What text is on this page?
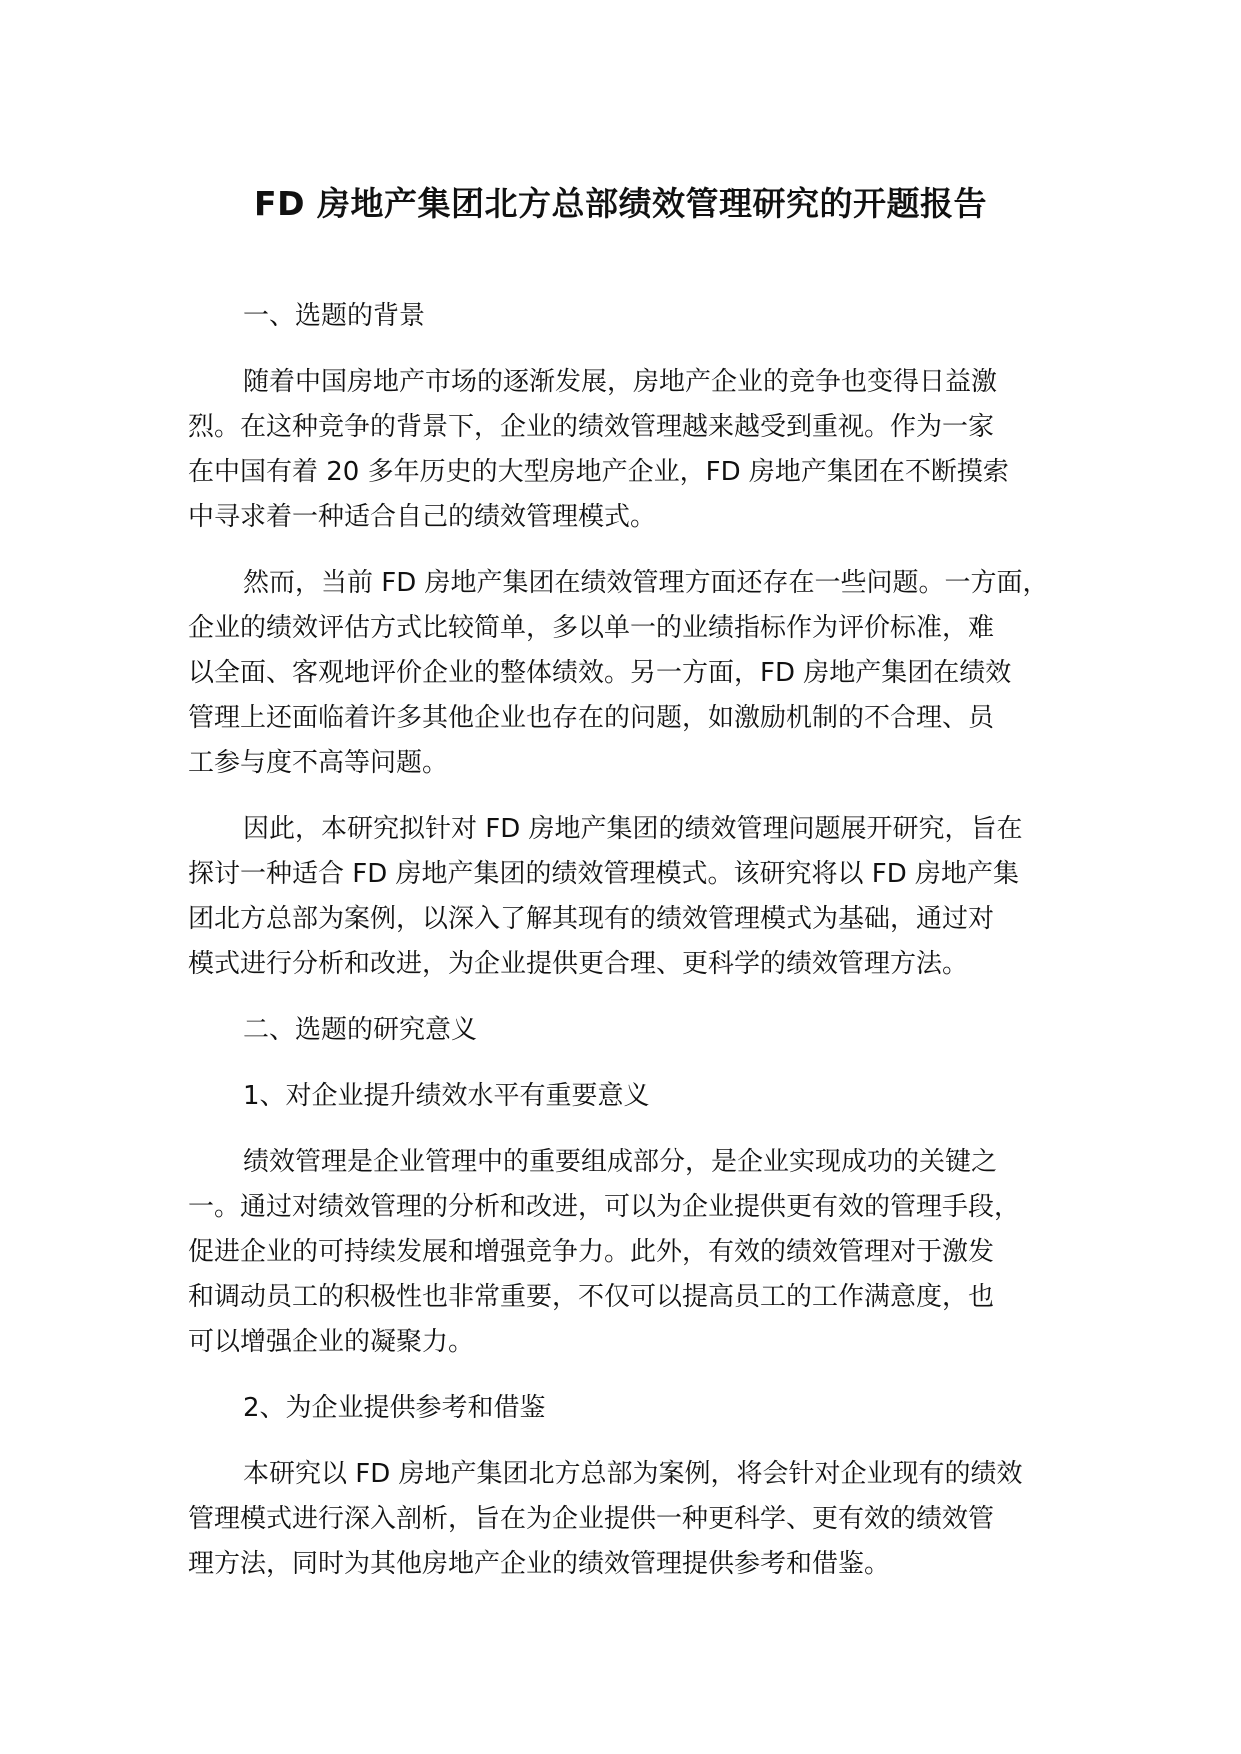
FD 房地产集团北方总部绩效管理研究的开题报告
一、选题的背景
随着中国房地产市场的逐渐发展，房地产企业的竞争也变得日益激
烈。在这种竞争的背景下，企业的绩效管理越来越受到重视。作为一家
在中国有着 20 多年历史的大型房地产企业，FD 房地产集团在不断摸索
中寻求着一种适合自己的绩效管理模式。
然而，当前 FD 房地产集团在绩效管理方面还存在一些问题。一方面，
企业的绩效评估方式比较简单，多以单一的业绩指标作为评价标准，难
以全面、客观地评价企业的整体绩效。另一方面，FD 房地产集团在绩效
管理上还面临着许多其他企业也存在的问题，如激励机制的不合理、员
工参与度不高等问题。
因此，本研究拟针对 FD 房地产集团的绩效管理问题展开研究，旨在
探讨一种适合 FD 房地产集团的绩效管理模式。该研究将以 FD 房地产集
团北方总部为案例，以深入了解其现有的绩效管理模式为基础，通过对
模式进行分析和改进，为企业提供更合理、更科学的绩效管理方法。
二、选题的研究意义
1、对企业提升绩效水平有重要意义
绩效管理是企业管理中的重要组成部分，是企业实现成功的关键之
一。通过对绩效管理的分析和改进，可以为企业提供更有效的管理手段，
促进企业的可持续发展和增强竞争力。此外，有效的绩效管理对于激发
和调动员工的积极性也非常重要，不仅可以提高员工的工作满意度，也
可以增强企业的凝聚力。
2、为企业提供参考和借鉴
本研究以 FD 房地产集团北方总部为案例，将会针对企业现有的绩效
管理模式进行深入剖析，旨在为企业提供一种更科学、更有效的绩效管
理方法，同时为其他房地产企业的绩效管理提供参考和借鉴。
